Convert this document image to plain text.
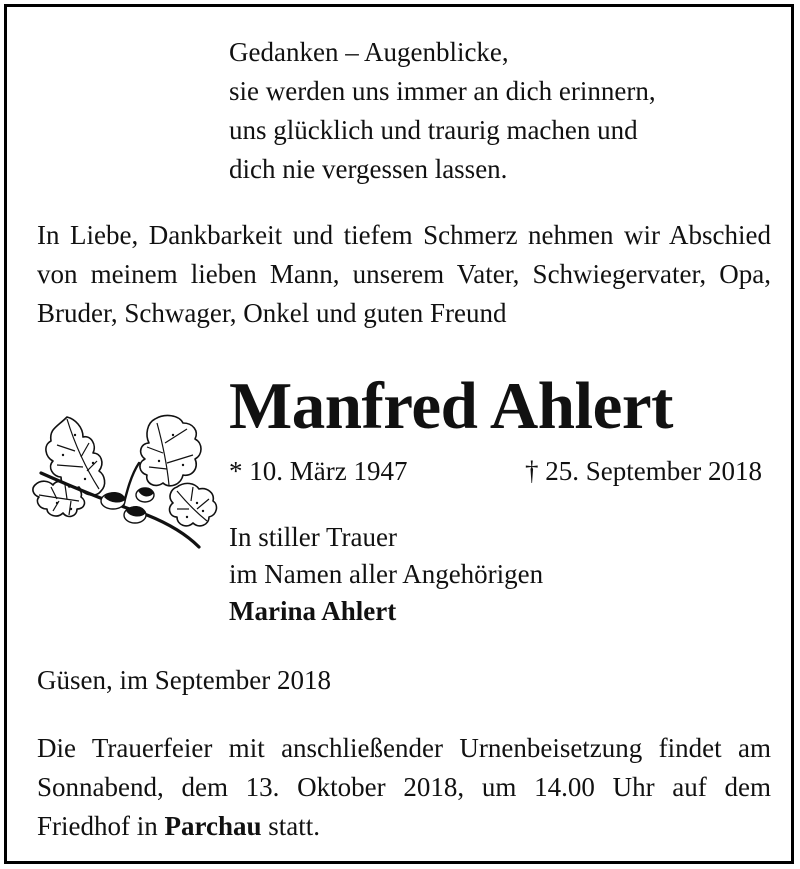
Gedanken – Augenblicke,
sie werden uns immer an dich erinnern,
uns glücklich und traurig machen und
dich nie vergessen lassen.
In Liebe, Dankbarkeit und tiefem Schmerz nehmen wir Abschied von meinem lieben Mann, unserem Vater, Schwiegervater, Opa, Bruder, Schwager, Onkel und guten Freund
Manfred Ahlert
* 10. März 1947	† 25. September 2018
In stiller Trauer
im Namen aller Angehörigen
Marina Ahlert
Güsen, im September 2018
Die Trauerfeier mit anschließender Urnenbeisetzung findet am Sonnabend, dem 13. Oktober 2018, um 14.00 Uhr auf dem Friedhof in Parchau statt.
